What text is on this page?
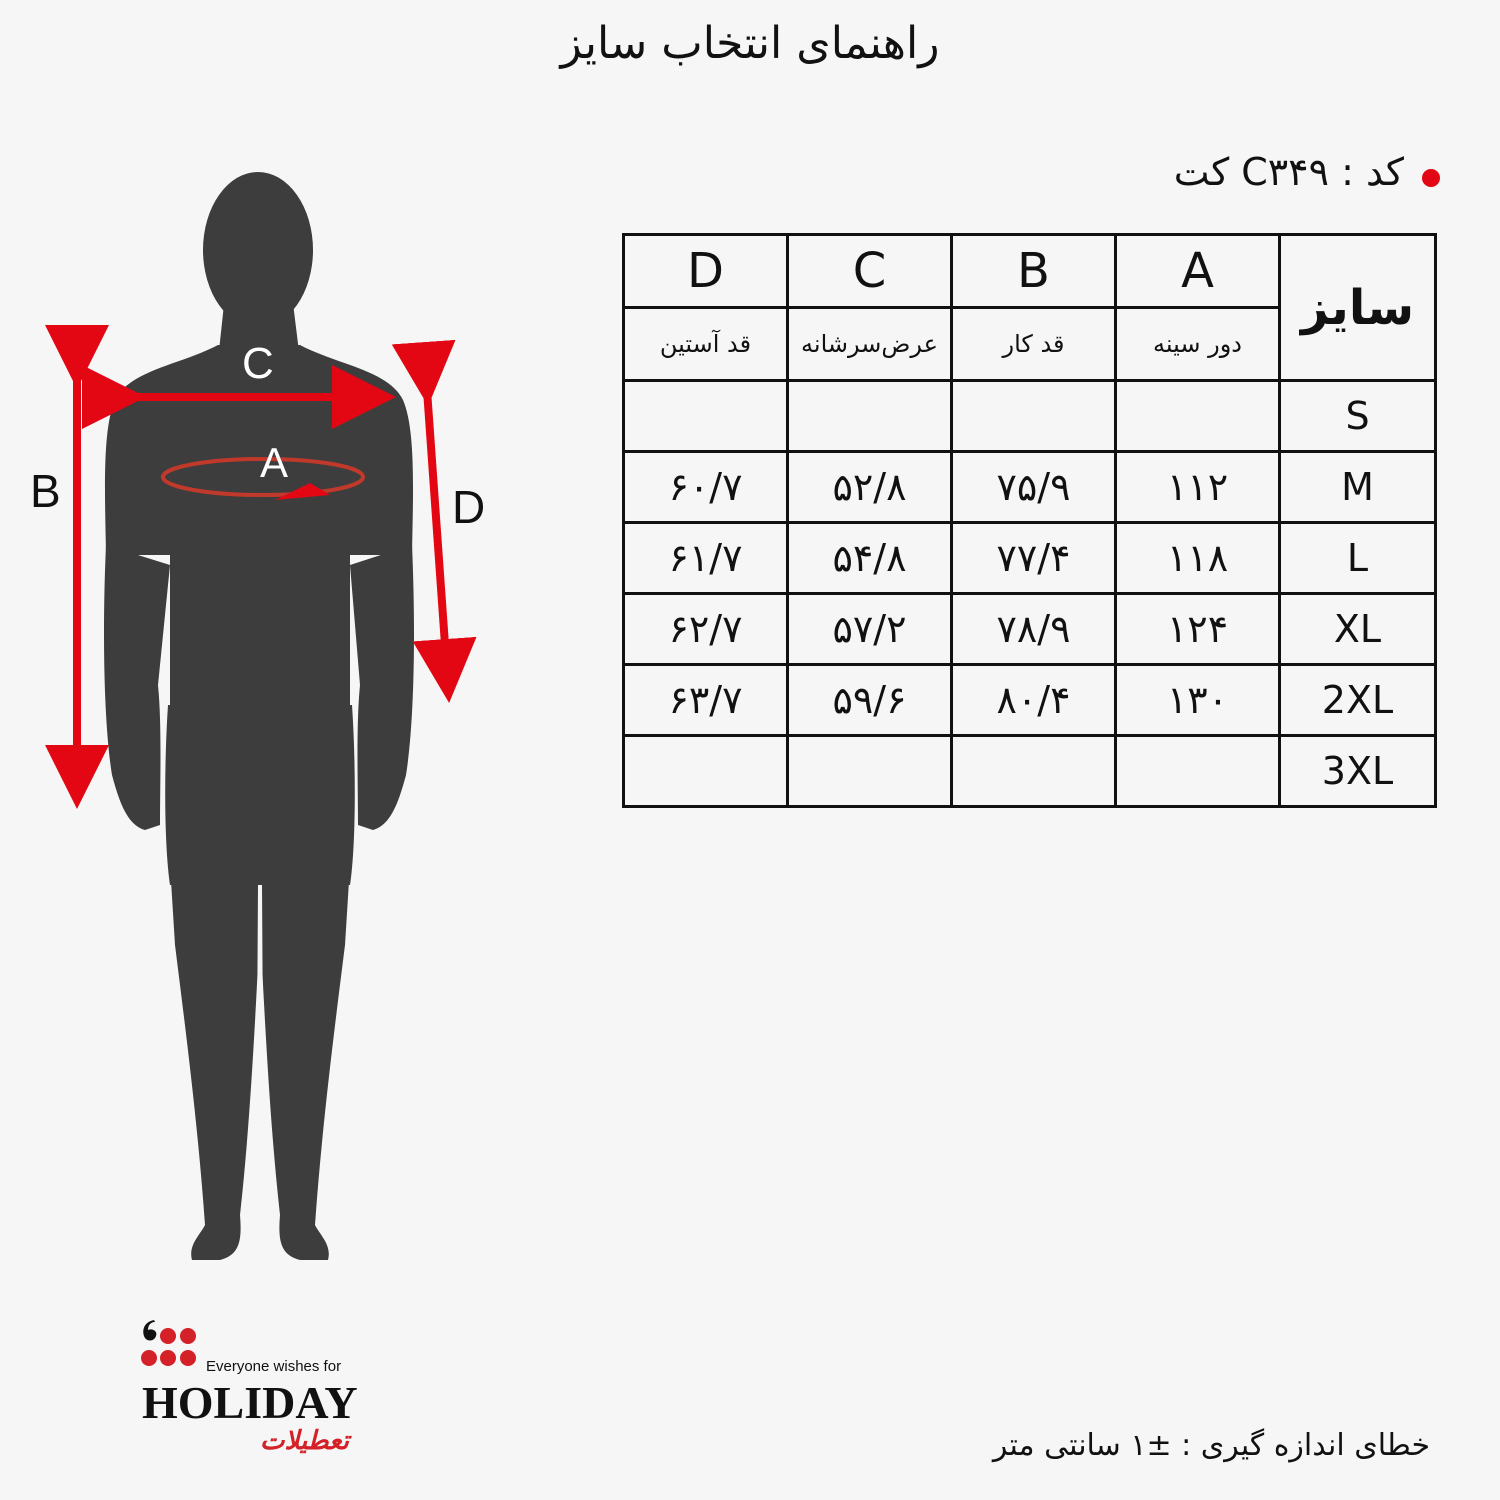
راهنمای انتخاب سایز
کد : C۳۴۹ کت
A
C
B	D
D	C	B	A	سایز
قد آستین	عرض‌سرشانه	قد کار	دور سینه	
				S
۶۰/۷	۵۲/۸	۷۵/۹	۱۱۲	M
۶۱/۷	۵۴/۸	۷۷/۴	۱۱۸	L
۶۲/۷	۵۷/۲	۷۸/۹	۱۲۴	XL
۶۳/۷	۵۹/۶	۸۰/۴	۱۳۰	2XL
				3XL
Everyone wishes for
HOLIDAY
تعطیلات	خطای اندازه گیری : ±۱ سانتی متر
